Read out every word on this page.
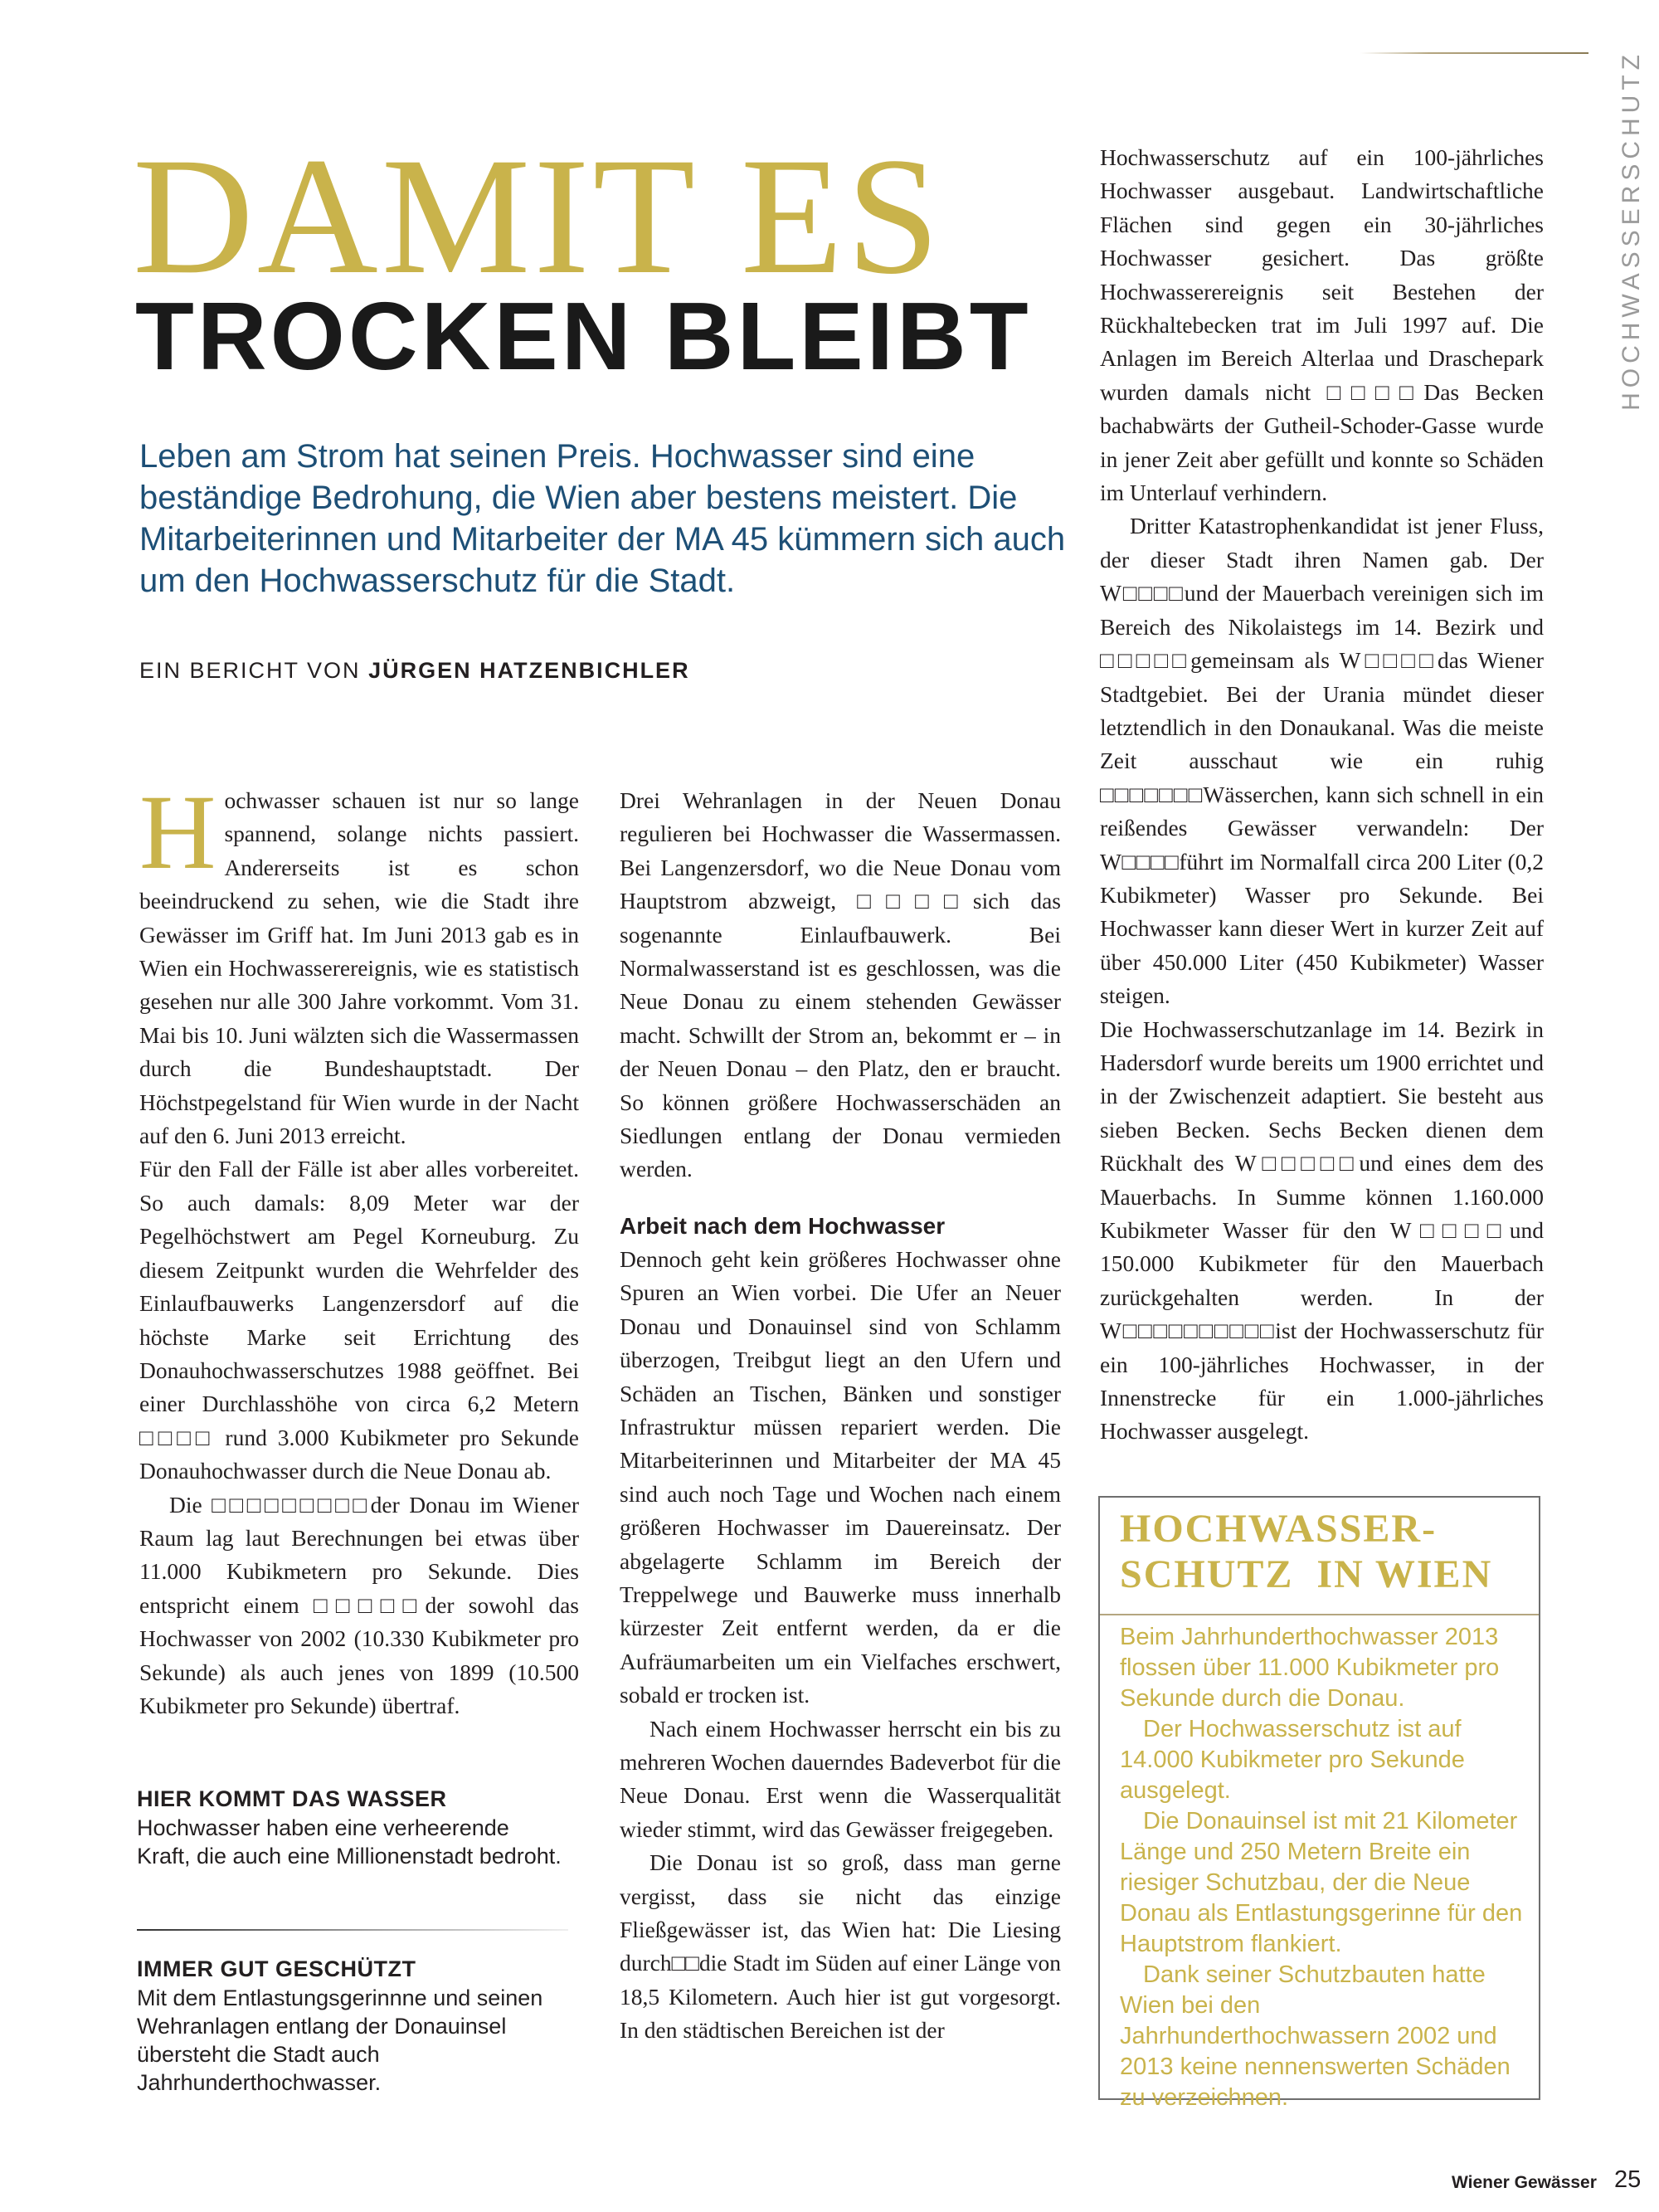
HOCHWASSERSCHUTZ
DAMIT ES
TROCKEN BLEIBT
Leben am Strom hat seinen Preis. Hochwasser sind eine beständige Bedrohung, die Wien aber bestens meistert. Die Mitarbeiterinnen und Mitarbeiter der MA 45 kümmern sich auch um den Hochwasserschutz für die Stadt.
EIN BERICHT VON JÜRGEN HATZENBICHLER

Hochwasser schauen ist nur so lange spannend, solange nichts passiert. Andererseits ist es schon beeindruckend zu sehen, wie die Stadt ihre Gewässer im Griff hat. Im Juni 2013 gab es in Wien ein Hochwasserereignis, wie es statistisch gesehen nur alle 300 Jahre vorkommt. Vom 31. Mai bis 10. Juni wälzten sich die Wassermassen durch die Bundeshauptstadt. Der Höchstpegelstand für Wien wurde in der Nacht auf den 6. Juni 2013 erreicht.

Für den Fall der Fälle ist aber alles vorbereitet. So auch damals: 8,09 Meter war der Pegelhöchstwert am Pegel Korneuburg. Zu diesem Zeitpunkt wurden die Wehrfelder des Einlaufbauwerks Langenzersdorf auf die höchste Marke seit Errichtung des Donauhochwasserschutzes 1988 geöffnet. Bei einer Durchlasshöhe von circa 6,2 Metern □□□□ rund 3.000 Kubikmeter pro Sekunde Donauhochwasser durch die Neue Donau ab.

Die □□□□□□□□□der Donau im Wiener Raum lag laut Berechnungen bei etwas über 11.000 Kubikmetern pro Sekunde. Dies entspricht einem □□□□□der sowohl das Hochwasser von 2002 (10.330 Kubikmeter pro Sekunde) als auch jenes von 1899 (10.500 Kubikmeter pro Sekunde) übertraf.

HIER KOMMT DAS WASSER
Hochwasser haben eine verheerende Kraft, die auch eine Millionenstadt bedroht.
IMMER GUT GESCHÜTZT
Mit dem Entlastungsgerinnne und seinen Wehranlagen entlang der Donauinsel übersteht die Stadt auch Jahrhunderthochwasser.

Drei Wehranlagen in der Neuen Donau regulieren bei Hochwasser die Wassermassen. Bei Langenzersdorf, wo die Neue Donau vom Hauptstrom abzweigt, □□□□sich das sogenannte Einlaufbauwerk. Bei Normalwasserstand ist es geschlossen, was die Neue Donau zu einem stehenden Gewässer macht. Schwillt der Strom an, bekommt er – in der Neuen Donau – den Platz, den er braucht. So können größere Hochwasserschäden an Siedlungen entlang der Donau vermieden werden.

Arbeit nach dem Hochwasser

Dennoch geht kein größeres Hochwasser ohne Spuren an Wien vorbei. Die Ufer an Neuer Donau und Donauinsel sind von Schlamm überzogen, Treibgut liegt an den Ufern und Schäden an Tischen, Bänken und sonstiger Infrastruktur müssen repariert werden. Die Mitarbeiterinnen und Mitarbeiter der MA 45 sind auch noch Tage und Wochen nach einem größeren Hochwasser im Dauereinsatz. Der abgelagerte Schlamm im Bereich der Treppelwege und Bauwerke muss innerhalb kürzester Zeit entfernt werden, da er die Aufräumarbeiten um ein Vielfaches erschwert, sobald er trocken ist.

Nach einem Hochwasser herrscht ein bis zu mehreren Wochen dauerndes Badeverbot für die Neue Donau. Erst wenn die Wasserqualität wieder stimmt, wird das Gewässer freigegeben.

Die Donau ist so groß, dass man gerne vergisst, dass sie nicht das einzige Fließgewässer ist, das Wien hat: Die Liesing durch□□die Stadt im Süden auf einer Länge von 18,5 Kilometern. Auch hier ist gut vorgesorgt. In den städtischen Bereichen ist der

Hochwasserschutz auf ein 100-jährliches Hochwasser ausgebaut. Landwirtschaftliche Flächen sind gegen ein 30-jährliches Hochwasser gesichert. Das größte Hochwasserereignis seit Bestehen der Rückhaltebecken trat im Juli 1997 auf. Die Anlagen im Bereich Alterlaa und Draschepark wurden damals nicht □□□□Das Becken bachabwärts der Gutheil-Schoder-Gasse wurde in jener Zeit aber gefüllt und konnte so Schäden im Unterlauf verhindern.

Dritter Katastrophenkandidat ist jener Fluss, der dieser Stadt ihren Namen gab. Der W□□□□und der Mauerbach vereinigen sich im Bereich des Nikolaistegs im 14. Bezirk und □□□□□gemeinsam als W□□□□das Wiener Stadtgebiet. Bei der Urania mündet dieser letztendlich in den Donaukanal. Was die meiste Zeit ausschaut wie ein ruhig □□□□□□□Wässerchen, kann sich schnell in ein reißendes Gewässer verwandeln: Der W□□□□führt im Normalfall circa 200 Liter (0,2 Kubikmeter) Wasser pro Sekunde. Bei Hochwasser kann dieser Wert in kurzer Zeit auf über 450.000 Liter (450 Kubikmeter) Wasser steigen.

Die Hochwasserschutzanlage im 14. Bezirk in Hadersdorf wurde bereits um 1900 errichtet und in der Zwischenzeit adaptiert. Sie besteht aus sieben Becken. Sechs Becken dienen dem Rückhalt des W□□□□□und eines dem des Mauerbachs. In Summe können 1.160.000 Kubikmeter Wasser für den W□□□□und 150.000 Kubikmeter für den Mauerbach zurückgehalten werden. In der W□□□□□□□□□□ist der Hochwasserschutz für ein 100-jährliches Hochwasser, in der Innenstrecke für ein 1.000-jährliches Hochwasser ausgelegt.

HOCHWASSER-
SCHUTZ  IN WIEN

Beim Jahrhunderthochwasser 2013 flossen über 11.000 Kubikmeter pro Sekunde durch die Donau.

Der Hochwasserschutz ist auf 14.000 Kubikmeter pro Sekunde ausgelegt.

Die Donauinsel ist mit 21 Kilometer Länge und 250 Metern Breite ein riesiger Schutzbau, der die Neue Donau als Entlastungsgerinne für den Hauptstrom flankiert.

Dank seiner Schutzbauten hatte Wien bei den Jahrhunderthochwassern 2002 und 2013 keine nennenswerten Schäden zu verzeichnen.

Wiener Gewässer 25
